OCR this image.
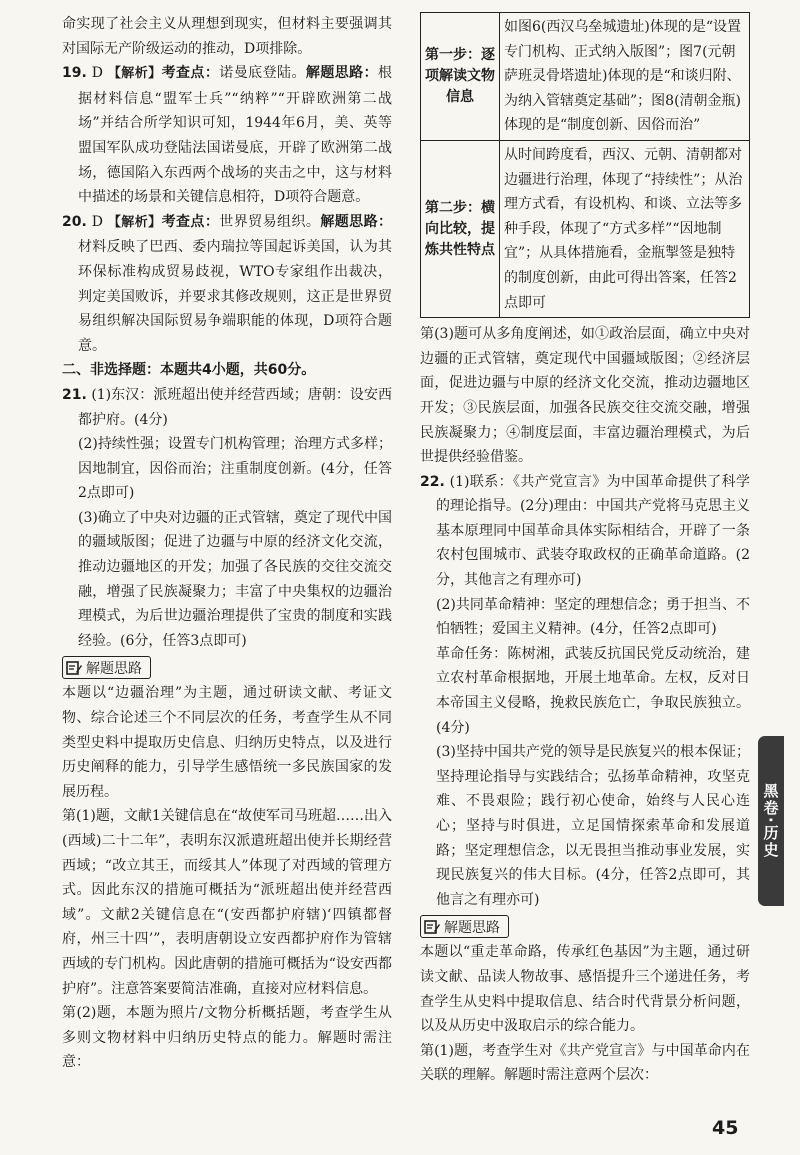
命实现了社会主义从理想到现实，但材料主要强调其对国际无产阶级运动的推动，D项排除。

19. D 【解析】考查点：诺曼底登陆。解题思路：根据材料信息“盟军士兵”“纳粹”“开辟欧洲第二战场”并结合所学知识可知，1944年6月，美、英等盟国军队成功登陆法国诺曼底，开辟了欧洲第二战场，德国陷入东西两个战场的夹击之中，这与材料中描述的场景和关键信息相符，D项符合题意。

20. D 【解析】考查点：世界贸易组织。解题思路：材料反映了巴西、委内瑞拉等国起诉美国，认为其环保标准构成贸易歧视，WTO专家组作出裁决，判定美国败诉，并要求其修改规则，这正是世界贸易组织解决国际贸易争端职能的体现，D项符合题意。

二、非选择题：本题共4小题，共60分。

21. (1)东汉：派班超出使并经营西域；唐朝：设安西都护府。(4分)

(2)持续性强；设置专门机构管理；治理方式多样；因地制宜，因俗而治；注重制度创新。(4分，任答2点即可)

(3)确立了中央对边疆的正式管辖，奠定了现代中国的疆域版图；促进了边疆与中原的经济文化交流，推动边疆地区的开发；加强了各民族的交往交流交融，增强了民族凝聚力；丰富了中央集权的边疆治理模式，为后世边疆治理提供了宝贵的制度和实践经验。(6分，任答3点即可)

解题思路

本题以“边疆治理”为主题，通过研读文献、考证文物、综合论述三个不同层次的任务，考查学生从不同类型史料中提取历史信息、归纳历史特点，以及进行历史阐释的能力，引导学生感悟统一多民族国家的发展历程。

第(1)题，文献1关键信息在“故使军司马班超……出入(西域)二十二年”，表明东汉派遣班超出使并长期经营西域；“改立其王，而绥其人”体现了对西域的管理方式。因此东汉的措施可概括为“派班超出使并经营西域”。文献2关键信息在“(安西都护府辖)‘四镇都督府，州三十四’”，表明唐朝设立安西都护府作为管辖西域的专门机构。因此唐朝的措施可概括为“设安西都护府”。注意答案要简洁准确，直接对应材料信息。

第(2)题，本题为照片/文物分析概括题，考查学生从多则文物材料中归纳历史特点的能力。解题时需注意：

第一步：逐项解读文物信息	如图6(西汉乌垒城遗址)体现的是“设置专门机构、正式纳入版图”；图7(元朝萨班灵骨塔遗址)体现的是“和谈归附、为纳入管辖奠定基础”；图8(清朝金瓶)体现的是“制度创新、因俗而治”
第二步：横向比较，提炼共性特点	从时间跨度看，西汉、元朝、清朝都对边疆进行治理，体现了“持续性”；从治理方式看，有设机构、和谈、立法等多种手段，体现了“方式多样”“因地制宜”；从具体措施看，金瓶掣签是独特的制度创新，由此可得出答案，任答2点即可

第(3)题可从多角度阐述，如①政治层面，确立中央对边疆的正式管辖，奠定现代中国疆域版图；②经济层面，促进边疆与中原的经济文化交流，推动边疆地区开发；③民族层面，加强各民族交往交流交融，增强民族凝聚力；④制度层面，丰富边疆治理模式，为后世提供经验借鉴。

22. (1)联系：《共产党宣言》为中国革命提供了科学的理论指导。(2分)理由：中国共产党将马克思主义基本原理同中国革命具体实际相结合，开辟了一条农村包围城市、武装夺取政权的正确革命道路。(2分，其他言之有理亦可)

(2)共同革命精神：坚定的理想信念；勇于担当、不怕牺牲；爱国主义精神。(4分，任答2点即可)

革命任务：陈树湘，武装反抗国民党反动统治，建立农村革命根据地，开展土地革命。左权，反对日本帝国主义侵略，挽救民族危亡，争取民族独立。(4分)

(3)坚持中国共产党的领导是民族复兴的根本保证；坚持理论指导与实践结合；弘扬革命精神，攻坚克难、不畏艰险；践行初心使命，始终与人民心连心；坚持与时俱进，立足国情探索革命和发展道路；坚定理想信念，以无畏担当推动事业发展，实现民族复兴的伟大目标。(4分，任答2点即可，其他言之有理亦可)

解题思路

本题以“重走革命路，传承红色基因”为主题，通过研读文献、品读人物故事、感悟提升三个递进任务，考查学生从史料中提取信息、结合时代背景分析问题，以及从历史中汲取启示的综合能力。

第(1)题，考查学生对《共产党宣言》与中国革命内在关联的理解。解题时需注意两个层次：

黑卷·历史
45
